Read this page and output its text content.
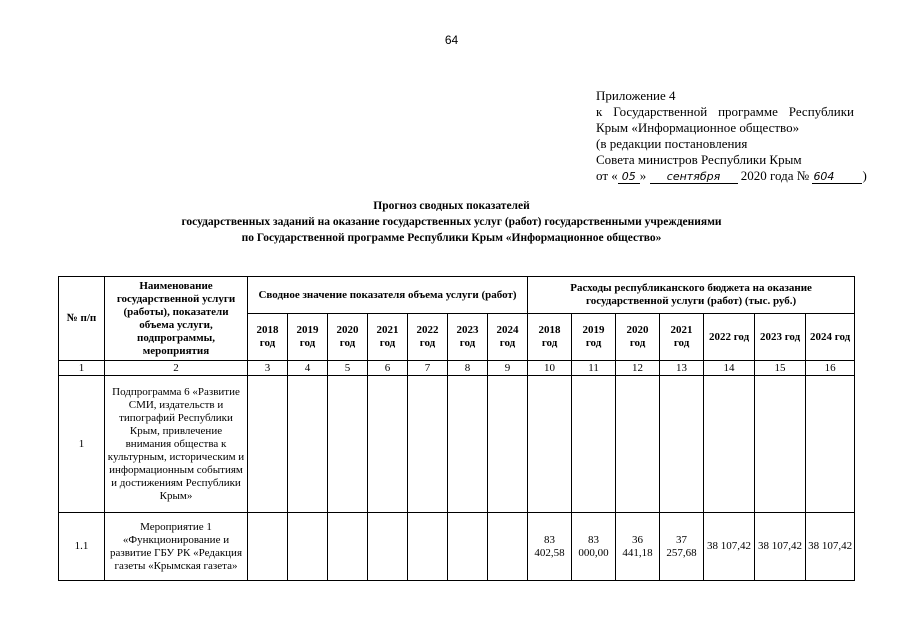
64
Приложение 4
к Государственной программе Республики
Крым «Информационное общество»
(в редакции постановления
Совета министров Республики Крым
от « 05 » сентября 2020 года № 604 )
Прогноз сводных показателей
государственных заданий на оказание государственных услуг (работ) государственными учреждениями
по Государственной программе Республики Крым «Информационное общество»
№ п/п	Наименование государственной услуги (работы), показатели объема услуги, подпрограммы, мероприятия	Сводное значение показателя объема услуги (работ)							Расходы республиканского бюджета на оказание государственной услуги (работ) (тыс. руб.)						
		2018 год	2019 год	2020 год	2021 год	2022 год	2023 год	2024 год	2018 год	2019 год	2020 год	2021 год	2022 год	2023 год	2024 год
1	2	3	4	5	6	7	8	9	10	11	12	13	14	15	16
1	Подпрограмма 6 «Развитие СМИ, издательств и типографий Республики Крым, привлечение внимания общества к культурным, историческим и информационным событиям и достижениям Республики Крым»														
1.1	Мероприятие 1 «Функционирование и развитие ГБУ РК «Редакция газеты «Крымская газета»								83 402,58	83 000,00	36 441,18	37 257,68	38 107,42	38 107,42	38 107,42
